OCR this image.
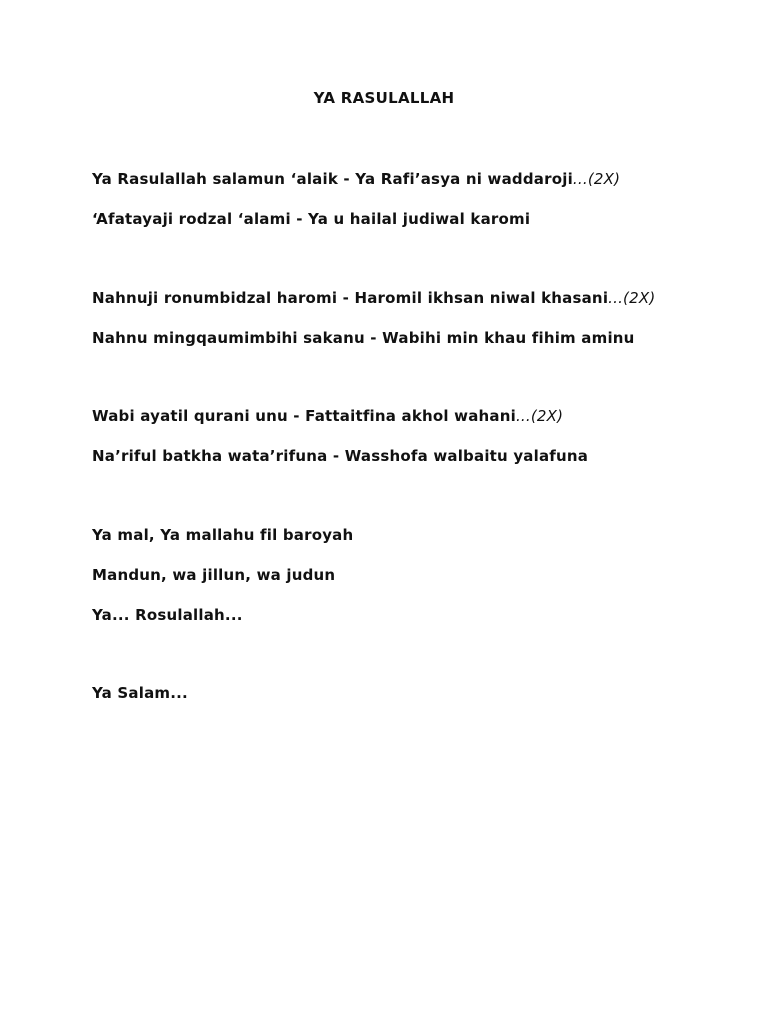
YA RASULALLAH
Ya Rasulallah salamun ‘alaik - Ya Rafi’asya ni waddaroji...(2X)
‘Afatayaji rodzal ‘alami - Ya u hailal judiwal karomi
Nahnuji ronumbidzal haromi - Haromil ikhsan niwal khasani...(2X)
Nahnu mingqaumimbihi sakanu - Wabihi min khau fihim aminu
Wabi ayatil qurani unu - Fattaitfina akhol wahani...(2X)
Na’riful batkha wata’rifuna - Wasshofa walbaitu yalafuna
Ya mal, Ya mallahu fil baroyah
Mandun, wa jillun, wa judun
Ya... Rosulallah...
Ya Salam...
